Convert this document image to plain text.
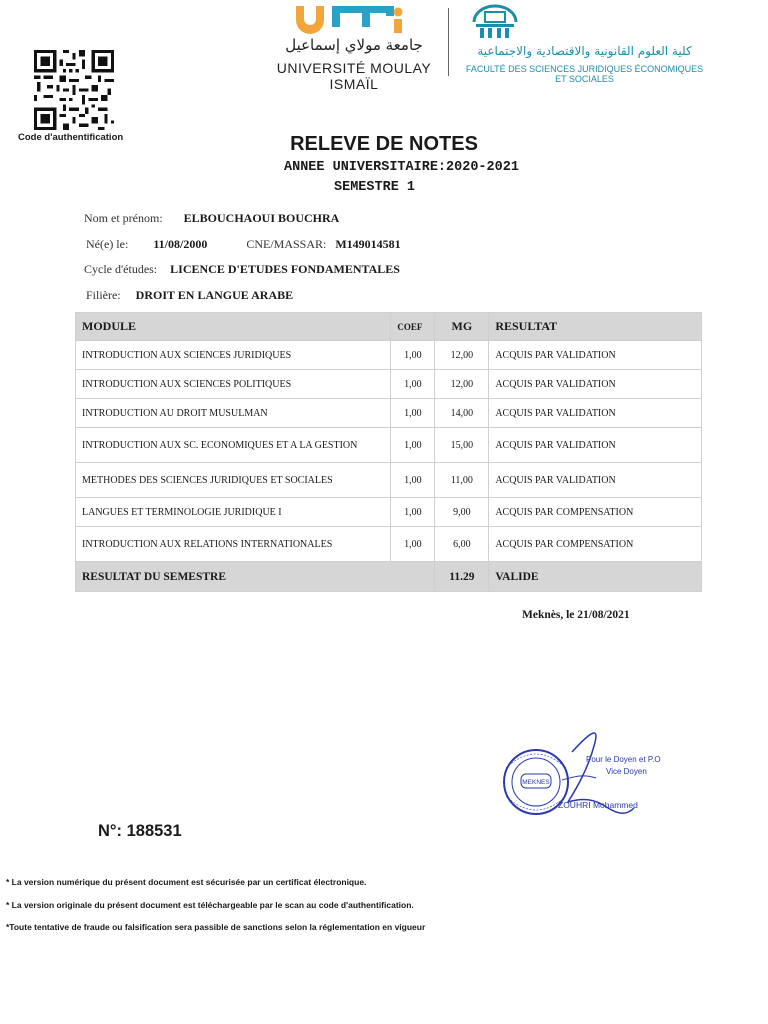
Code d'authentification
جامعة مولاي إسماعيل
UNIVERSITÉ MOULAY ISMAÏL
كلية العلوم القانونية والاقتصادية والاجتماعية
FACULTÉ DES SCIENCES JURIDIQUES ÉCONOMIQUES ET SOCIALES
RELEVE DE NOTES
ANNEE UNIVERSITAIRE:2020-2021
SEMESTRE 1
Nom et prénom: ELBOUCHAOUI BOUCHRA
Né(e) le: 11/08/2000	CNE/MASSAR: M149014581
Cycle d'études: LICENCE D'ETUDES FONDAMENTALES
Filière: DROIT EN LANGUE ARABE
MODULE	COEF	MG	RESULTAT
INTRODUCTION AUX SCIENCES JURIDIQUES	1,00	12,00	ACQUIS PAR VALIDATION
INTRODUCTION AUX SCIENCES POLITIQUES	1,00	12,00	ACQUIS PAR VALIDATION
INTRODUCTION AU DROIT MUSULMAN	1,00	14,00	ACQUIS PAR VALIDATION
INTRODUCTION AUX SC. ECONOMIQUES ET A LA GESTION	1,00	15,00	ACQUIS PAR VALIDATION
METHODES DES SCIENCES JURIDIQUES ET SOCIALES	1,00	11,00	ACQUIS PAR VALIDATION
LANGUES ET TERMINOLOGIE JURIDIQUE I	1,00	9,00	ACQUIS PAR COMPENSATION
INTRODUCTION AUX RELATIONS INTERNATIONALES	1,00	6,00	ACQUIS PAR COMPENSATION
RESULTAT DU SEMESTRE		11.29	VALIDE
Meknès, le 21/08/2021
MEKNES
Pour le Doyen et P.O
Vice Doyen
ZOUHRI Mohammed
N°: 188531
* La version numérique du présent document est sécurisée par un certificat électronique.
* La version originale du présent document est téléchargeable par le scan au code d'authentification.
*Toute tentative de fraude ou falsification sera passible de sanctions selon la réglementation en vigueur
